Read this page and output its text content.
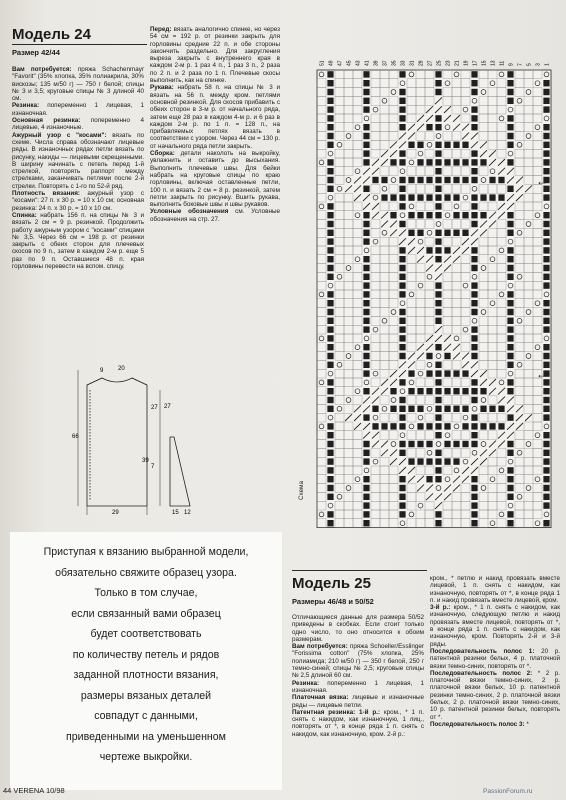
Модель 24
Размер 42/44

Вам потребуется: пряжа Schachenmayr "Favorit" (35% хлопка, 35% полиакрила, 30% вискозы; 135 м/50 г) — 750 г белой; спицы № 3 и 3,5; круговые спицы № 3 длиной 40 см.

Резинка: попеременно 1 лицевая, 1 изнаночная.

Основная резинка: попеременно 4 лицевые, 4 изнаночные.

Ажурный узор с "косами": вязать по схеме. Числа справа обозначают лицевые ряды. В изнаночных рядах петли вязать по рисунку, накиды — лицевыми скрещенными. В ширину начинать с петель перед 1-й стрелкой, повторять раппорт между стрелками, заканчивать петлями после 2-й стрелки. Повторять с 1-го по 52-й ряд.

Плотность вязания: ажурный узор с "косами": 27 п. x 30 р. = 10 x 10 см; основная резинка: 24 п. x 30 р. = 10 x 10 см.

Спинка: набрать 156 п. на спицы № 3 и вязать 2 см = 9 р. резинкой. Продолжить работу ажурным узором с "косами" спицами № 3,5. Через 66 см = 198 р. от резинки закрыть с обеих сторон для плечевых скосов по 9 п., затем в каждом 2-м р. еще 5 раз по 9 п. Оставшиеся 48 п. края горловины перевести на вспом. спицу.

Перед: вязать аналогично спинке, но через 54 см = 192 р. от резинки закрыть для горловины средние 22 п. и обе стороны закончить раздельно. Для закругления выреза закрыть с внутреннего края в каждом 2-м р. 1 раз 4 п., 1 раз 3 п., 2 раза по 2 п. и 2 раза по 1 п. Плечевые скосы выполнить, как на спинке.

Рукава: набрать 58 п. на спицы № 3 и вязать на 56 п. между кром. петлями основной резинкой. Для скосов прибавить с обеих сторон в 3-м р. от начального ряда, затем еще 28 раз в каждом 4-м р. и 6 раз в каждом 2-м р. по 1 п. = 128 п., на прибавляемых петлях вязать в соответствии с узором. Через 44 см = 130 р. от начального ряда петли закрыть.

Сборка: детали наколоть на выкройку, увлажнить и оставить до высыхания. Выполнить плечевые швы. Для бейки набрать на круговые спицы по краю горловины, включая оставленные петли, 100 п. и вязать 2 см = 8 р. резинкой, затем петли закрыть по рисунку. Вшить рукава, выполнить боковые швы и швы рукавов.

Условные обозначения см. Условные обозначения на стр. 27.

9 20
27
66
39
7
29
27
15 12
51 49 47 45 43 41 39 37 35 33 31 29 27 25 23 21 19 17 15 13 11 9 7 5 3 1
Схема
←
←
Приступая к вязанию выбранной модели,
обязательно свяжите образец узора.
Только в том случае,
если связанный вами образец
будет соответствовать
по количеству петель и рядов
заданной плотности вязания,
размеры вязаных деталей
совпадут с данными,
приведенными на уменьшенном
чертеже выкройки.
Модель 25
Размеры 46/48 и 50/52

Отличающиеся данные для размера 50/52 приведены в скобках. Если стоит только одно число, то оно относится к обоим размерам.

Вам потребуется: пряжа Schoeller/Esslinger "Forissima cotton" (75% хлопка, 25% полиамида; 210 м/50 г) — 350 г белой, 250 г темно-синей; спицы № 2,5; круговые спицы № 2,5 длиной 60 см.

Резинка: попеременно 1 лицевая, 1 изнаночная.

Платочная вязка: лицевые и изнаночные ряды — лицевые петли.

Патентная резинка: 1-й р.: кром., * 1 п. снять с накидом, как изнаночную, 1 лиц., повторять от *, в конце ряда 1 п. снять с накидом, как изнаночную, кром. 2-й р.:

кром., * петлю и накид провязать вместе лицевой, 1 п. снять с накидом, как изнаночную, повторять от *, в конце ряда 1 п. и накид провязать вместе лицевой, кром.

3-й р.: кром., * 1 п. снять с накидом, как изнаночную, следующую петлю и накид провязать вместе лицевой, повторять от *, в конце ряда 1 п. снять с накидом, как изнаночную, кром. Повторять 2-й и 3-й ряды.

Последовательность полос 1: 20 р. патентной резинки белых, 4 р. платочной вязки темно-синих, повторять от *.

Последовательность полос 2: * 2 р. платочной вязки темно-синих, 2 р. платочной вязки белых, 10 р. патентной резинки темно-синих, 2 р. платочной вязки белых, 2 р. платочной вязки темно-синих, 10 р. патентной резинки белых, повторять от *.

Последовательность полос 3: *

44 VERENA 10/98	PassionForum.ru
